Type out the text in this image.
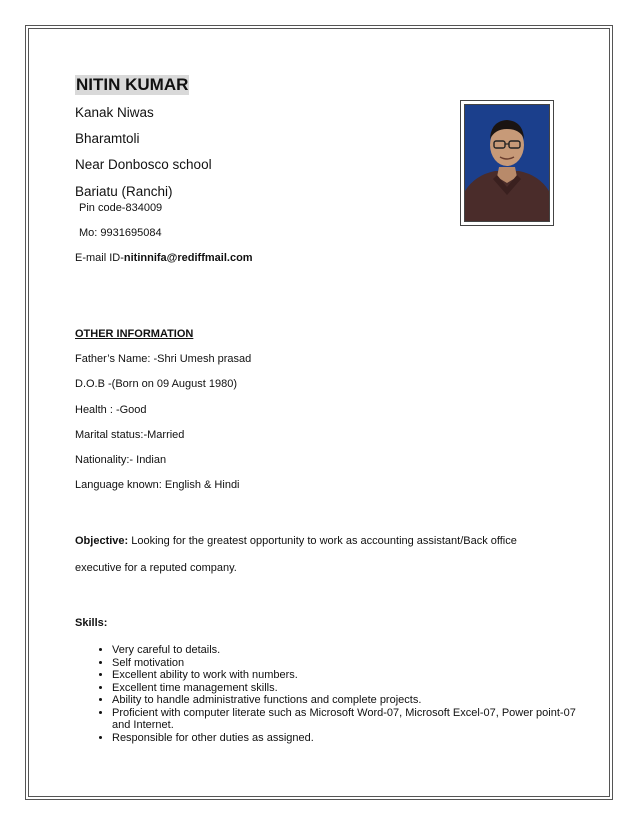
NITIN KUMAR
Kanak Niwas
Bharamtoli
Near Donbosco school
Bariatu (Ranchi)
Pin code-834009
Mo: 9931695084
E-mail ID-nitinnifa@rediffmail.com
OTHER INFORMATION
Father’s Name: -Shri Umesh prasad
D.O.B -(Born on 09 August 1980)
Health : -Good
Marital status:-Married
Nationality:- Indian
Language known: English & Hindi
Objective: Looking for the greatest opportunity to work as accounting assistant/Back office
executive for a reputed company.
Skills:
• Very careful to details.
• Self motivation
• Excellent ability to work with numbers.
• Excellent time management skills.
• Ability to handle administrative functions and complete projects.
• Proficient with computer literate such as Microsoft Word-07, Microsoft Excel-07, Power point-07 and Internet.
• Responsible for other duties as assigned.
